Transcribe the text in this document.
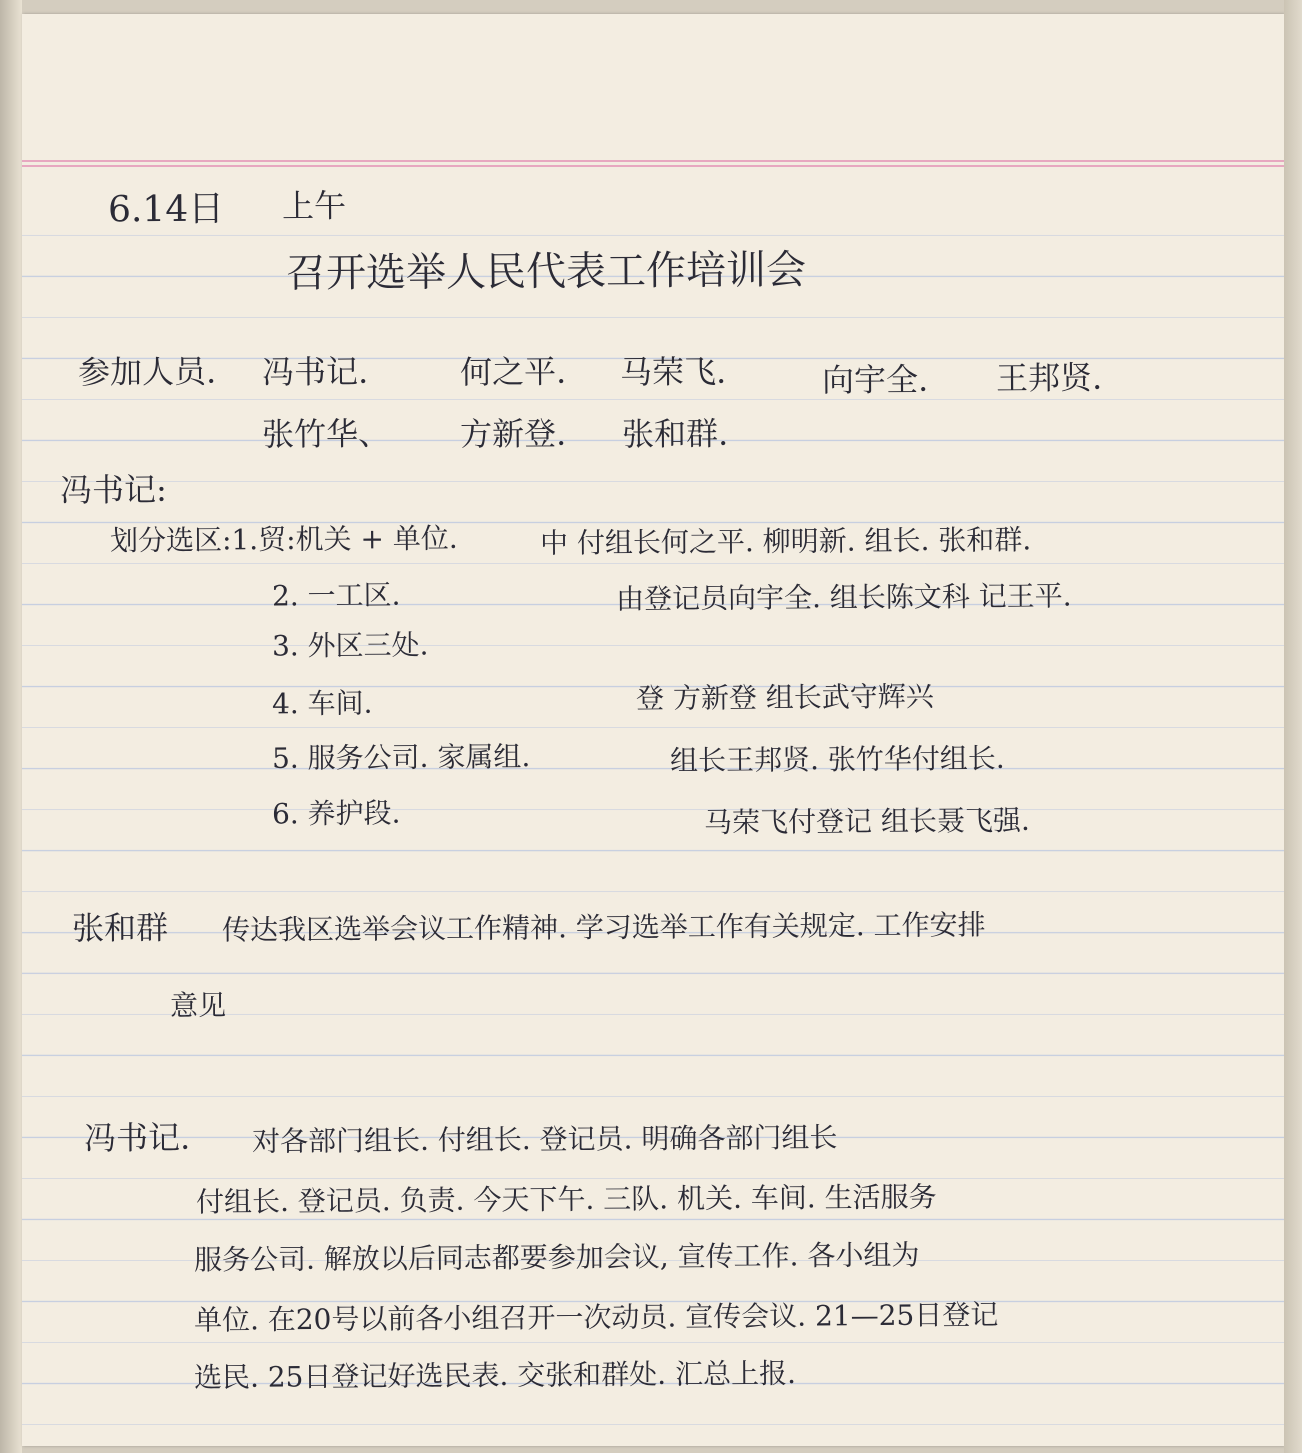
6.14日 上午
召开选举人民代表工作培训会
参加人员. 冯书记.	何之平. 马荣飞.	向宇全. 王邦贤.
张竹华、 方新登. 张和群.
冯书记:
划分选区:1.贸:机关 + 单位.	中 付组长何之平. 柳明新. 组长. 张和群.
2. 一工区.	由登记员向宇全. 组长陈文科 记王平.
3. 外区三处.
4. 车间.	登 方新登 组长武守辉兴
5. 服务公司. 家属组.	组长王邦贤. 张竹华付组长.
6. 养护段.	马荣飞付登记 组长聂飞强.
张和群 传达我区选举会议工作精神. 学习选举工作有关规定. 工作安排
意见
冯书记. 对各部门组长. 付组长. 登记员. 明确各部门组长
付组长. 登记员. 负责. 今天下午. 三队. 机关. 车间. 生活服务
服务公司. 解放以后同志都要参加会议, 宣传工作. 各小组为
单位. 在20号以前各小组召开一次动员. 宣传会议. 21—25日登记
选民. 25日登记好选民表. 交张和群处. 汇总上报.
